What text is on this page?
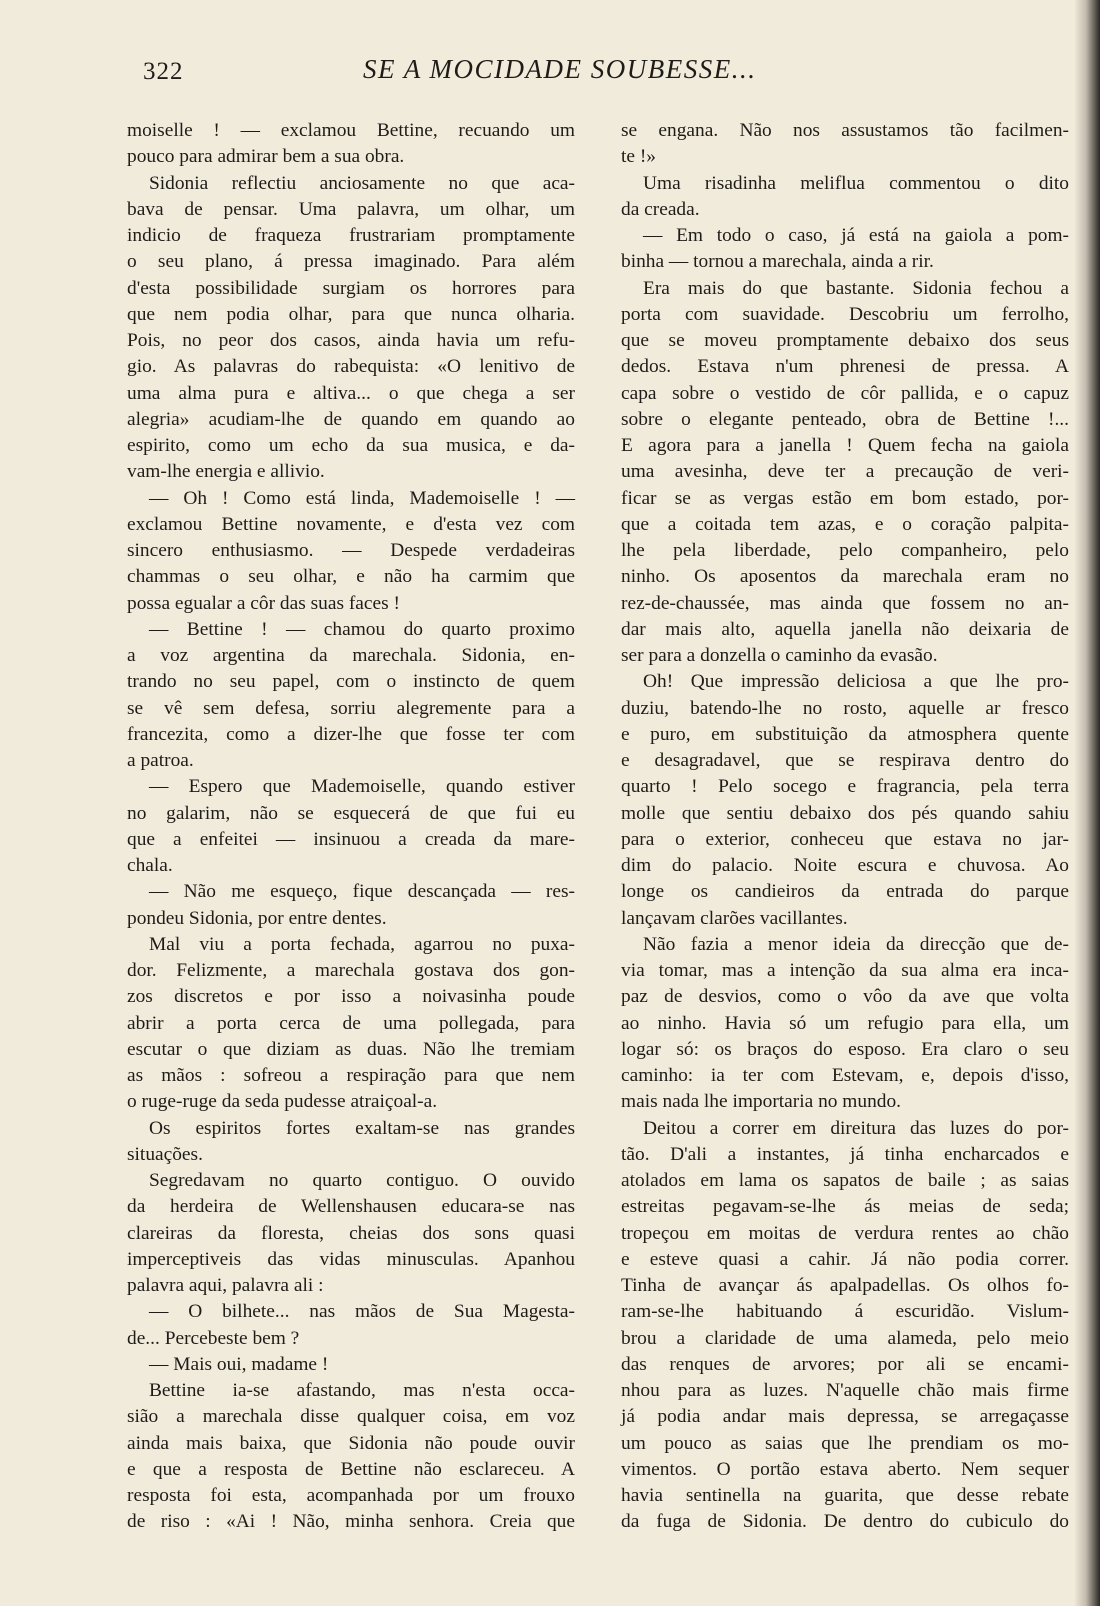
322	SE A MOCIDADE SOUBESSE...
moiselle ! — exclamou Bettine, recuando um
pouco para admirar bem a sua obra.
Sidonia reflectiu anciosamente no que aca-
bava de pensar. Uma palavra, um olhar, um
indicio de fraqueza frustrariam promptamente
o seu plano, á pressa imaginado. Para além
d'esta possibilidade surgiam os horrores para
que nem podia olhar, para que nunca olharia.
Pois, no peor dos casos, ainda havia um refu-
gio. As palavras do rabequista: «O lenitivo de
uma alma pura e altiva... o que chega a ser
alegria» acudiam-lhe de quando em quando ao
espirito, como um echo da sua musica, e da-
vam-lhe energia e allivio.
— Oh ! Como está linda, Mademoiselle ! —
exclamou Bettine novamente, e d'esta vez com
sincero enthusiasmo. — Despede verdadeiras
chammas o seu olhar, e não ha carmim que
possa egualar a côr das suas faces !
— Bettine ! — chamou do quarto proximo
a voz argentina da marechala. Sidonia, en-
trando no seu papel, com o instincto de quem
se vê sem defesa, sorriu alegremente para a
francezita, como a dizer-lhe que fosse ter com
a patroa.
— Espero que Mademoiselle, quando estiver
no galarim, não se esquecerá de que fui eu
que a enfeitei — insinuou a creada da mare-
chala.
— Não me esqueço, fique descançada — res-
pondeu Sidonia, por entre dentes.
Mal viu a porta fechada, agarrou no puxa-
dor. Felizmente, a marechala gostava dos gon-
zos discretos e por isso a noivasinha poude
abrir a porta cerca de uma pollegada, para
escutar o que diziam as duas. Não lhe tremiam
as mãos : sofreou a respiração para que nem
o ruge-ruge da seda pudesse atraiçoal-a.
Os espiritos fortes exaltam-se nas grandes
situações.
Segredavam no quarto contiguo. O ouvido
da herdeira de Wellenshausen educara-se nas
clareiras da floresta, cheias dos sons quasi
imperceptiveis das vidas minusculas. Apanhou
palavra aqui, palavra ali :
— O bilhete... nas mãos de Sua Magesta-
de... Percebeste bem ?
— Mais oui, madame !
Bettine ia-se afastando, mas n'esta occa-
sião a marechala disse qualquer coisa, em voz
ainda mais baixa, que Sidonia não poude ouvir
e que a resposta de Bettine não esclareceu. A
resposta foi esta, acompanhada por um frouxo
de riso : «Ai ! Não, minha senhora. Creia que
se engana. Não nos assustamos tão facilmen-
te !»
Uma risadinha meliflua commentou o dito
da creada.
— Em todo o caso, já está na gaiola a pom-
binha — tornou a marechala, ainda a rir.
Era mais do que bastante. Sidonia fechou a
porta com suavidade. Descobriu um ferrolho,
que se moveu promptamente debaixo dos seus
dedos. Estava n'um phrenesi de pressa. A
capa sobre o vestido de côr pallida, e o capuz
sobre o elegante penteado, obra de Bettine !...
E agora para a janella ! Quem fecha na gaiola
uma avesinha, deve ter a precaução de veri-
ficar se as vergas estão em bom estado, por-
que a coitada tem azas, e o coração palpita-
lhe pela liberdade, pelo companheiro, pelo
ninho. Os aposentos da marechala eram no
rez-de-chaussée, mas ainda que fossem no an-
dar mais alto, aquella janella não deixaria de
ser para a donzella o caminho da evasão.
Oh! Que impressão deliciosa a que lhe pro-
duziu, batendo-lhe no rosto, aquelle ar fresco
e puro, em substituição da atmosphera quente
e desagradavel, que se respirava dentro do
quarto ! Pelo socego e fragrancia, pela terra
molle que sentiu debaixo dos pés quando sahiu
para o exterior, conheceu que estava no jar-
dim do palacio. Noite escura e chuvosa. Ao
longe os candieiros da entrada do parque
lançavam clarões vacillantes.
Não fazia a menor ideia da direcção que de-
via tomar, mas a intenção da sua alma era inca-
paz de desvios, como o vôo da ave que volta
ao ninho. Havia só um refugio para ella, um
logar só: os braços do esposo. Era claro o seu
caminho: ia ter com Estevam, e, depois d'isso,
mais nada lhe importaria no mundo.
Deitou a correr em direitura das luzes do por-
tão. D'ali a instantes, já tinha encharcados e
atolados em lama os sapatos de baile ; as saias
estreitas pegavam-se-lhe ás meias de seda;
tropeçou em moitas de verdura rentes ao chão
e esteve quasi a cahir. Já não podia correr.
Tinha de avançar ás apalpadellas. Os olhos fo-
ram-se-lhe habituando á escuridão. Vislum-
brou a claridade de uma alameda, pelo meio
das renques de arvores; por ali se encami-
nhou para as luzes. N'aquelle chão mais firme
já podia andar mais depressa, se arregaçasse
um pouco as saias que lhe prendiam os mo-
vimentos. O portão estava aberto. Nem sequer
havia sentinella na guarita, que desse rebate
da fuga de Sidonia. De dentro do cubiculo do
